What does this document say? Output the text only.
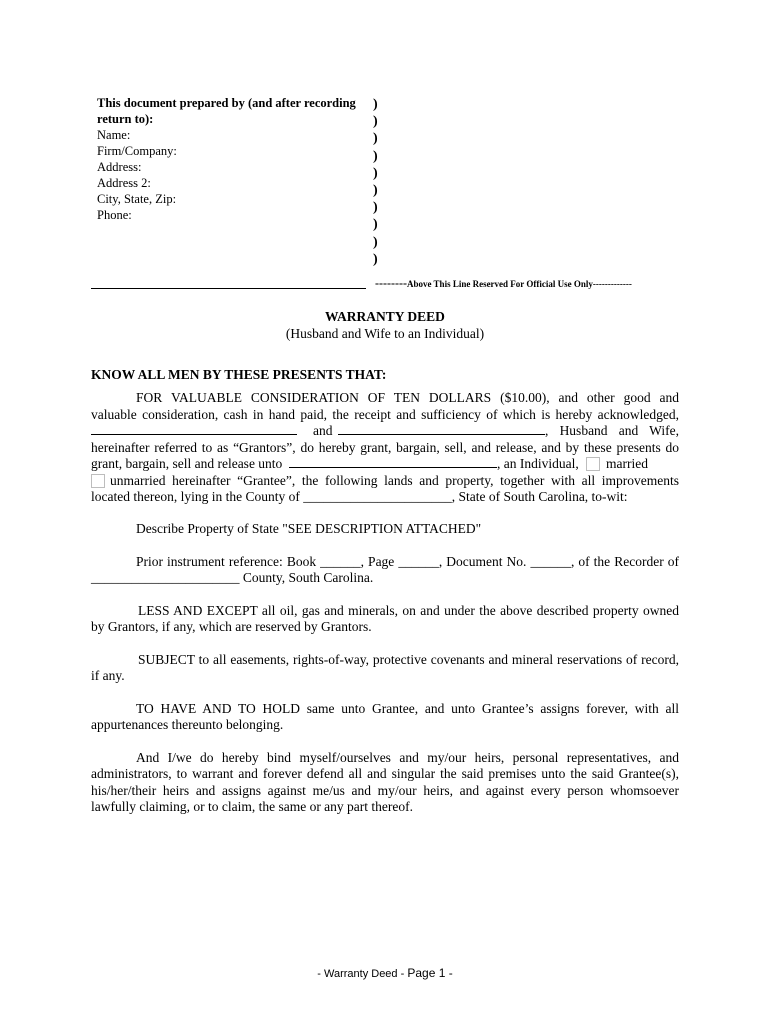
This document prepared by (and after recording
return to):
Name:
Firm/Company:
Address:
Address 2:
City, State, Zip:
Phone:
)
)
)
)
)
)
)
)
)
)
--------Above This Line Reserved For Official Use Only-------------
WARRANTY DEED
(Husband and Wife to an Individual)
KNOW ALL MEN BY THESE PRESENTS THAT:
FOR VALUABLE CONSIDERATION OF TEN DOLLARS ($10.00), and other good and
valuable consideration, cash in hand paid, the receipt and sufficiency of which is hereby acknowledged,
and	, Husband and Wife,
hereinafter referred to as “Grantors”, do hereby grant, bargain, sell, and release, and by these presents do
grant, bargain, sell and release unto	, an Individual, married
unmarried hereinafter “Grantee”, the following lands and property, together with all improvements
located thereon, lying in the County of ______________________, State of South Carolina, to-wit:
Describe Property of State "SEE DESCRIPTION ATTACHED"
Prior instrument reference: Book ______, Page ______, Document No. ______, of the Recorder of
______________________ County, South Carolina.
LESS AND EXCEPT all oil, gas and minerals, on and under the above described property owned by Grantors, if any, which are reserved by Grantors.
SUBJECT to all easements, rights-of-way, protective covenants and mineral reservations of record, if any.
TO HAVE AND TO HOLD same unto Grantee, and unto Grantee’s assigns forever, with all appurtenances thereunto belonging.
And I/we do hereby bind myself/ourselves and my/our heirs, personal representatives, and administrators, to warrant and forever defend all and singular the said premises unto the said Grantee(s), his/her/their heirs and assigns against me/us and my/our heirs, and against every person whomsoever lawfully claiming, or to claim, the same or any part thereof.
- Warranty Deed - Page 1 -
